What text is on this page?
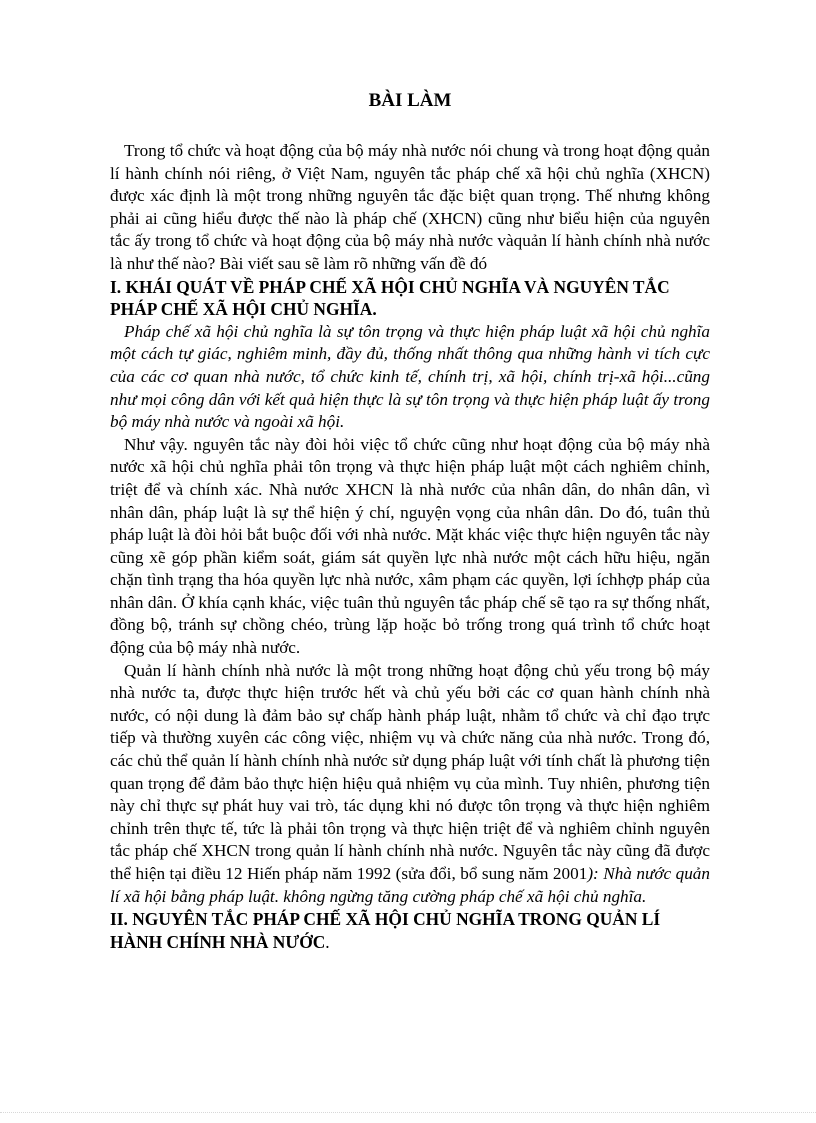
BÀI LÀM

Trong tổ chức và hoạt động của bộ máy nhà nước nói chung và trong hoạt động quản lí hành chính nói riêng, ở Việt Nam, nguyên tắc pháp chế xã hội chủ nghĩa (XHCN) được xác định là một trong những nguyên tắc đặc biệt quan trọng. Thế nhưng không phải ai cũng hiểu được thế nào là pháp chế (XHCN) cũng như biểu hiện của nguyên tắc ấy trong tổ chức và hoạt động của bộ máy nhà nước vàquản lí hành chính nhà nước là như thế nào? Bài viết sau sẽ làm rõ những vấn đề đó

I. KHÁI QUÁT VỀ PHÁP CHẾ XÃ HỘI CHỦ NGHĨA VÀ NGUYÊN TẮC PHÁP CHẾ XÃ HỘI CHỦ NGHĨA.

Pháp chế xã hội chủ nghĩa là sự tôn trọng và thực hiện pháp luật xã hội chủ nghĩa một cách tự giác, nghiêm minh, đầy đủ, thống nhất thông qua những hành vi tích cực của các cơ quan nhà nước, tổ chức kinh tế, chính trị, xã hội, chính trị-xã hội...cũng như mọi công dân với kết quả hiện thực là sự tôn trọng và thực hiện pháp luật ấy trong bộ máy nhà nước và ngoài xã hội.

Như vậy. nguyên tắc này đòi hỏi việc tổ chức cũng như hoạt động của bộ máy nhà nước xã hội chủ nghĩa phải tôn trọng và thực hiện pháp luật một cách nghiêm chỉnh, triệt để và chính xác. Nhà nước XHCN là nhà nước của nhân dân, do nhân dân, vì nhân dân, pháp luật là sự thể hiện ý chí, nguyện vọng của nhân dân. Do đó, tuân thủ pháp luật là đòi hỏi bắt buộc đối với nhà nước. Mặt khác việc thực hiện nguyên tắc này cũng xẽ góp phần kiểm soát, giám sát quyền lực nhà nước một cách hữu hiệu, ngăn chặn tình trạng tha hóa quyền lực nhà nước, xâm phạm các quyền, lợi íchhợp pháp của nhân dân. Ở khía cạnh khác, việc tuân thủ nguyên tắc pháp chế sẽ tạo ra sự thống nhất, đồng bộ, tránh sự chồng chéo, trùng lặp hoặc bỏ trống trong quá trình tổ chức hoạt động của bộ máy nhà nước.

Quản lí hành chính nhà nước là một trong những hoạt động chủ yếu trong bộ máy nhà nước ta, được thực hiện trước hết và chủ yếu bởi các cơ quan hành chính nhà nước, có nội dung là đảm bảo sự chấp hành pháp luật, nhằm tổ chức và chỉ đạo trực tiếp và thường xuyên các công việc, nhiệm vụ và chức năng của nhà nước. Trong đó, các chủ thể quản lí hành chính nhà nước sử dụng pháp luật với tính chất là phương tiện quan trọng để đảm bảo thực hiện hiệu quả nhiệm vụ của mình. Tuy nhiên, phương tiện này chỉ thực sự phát huy vai trò, tác dụng khi nó được tôn trọng và thực hiện nghiêm chỉnh trên thực tế, tức là phải tôn trọng và thực hiện triệt để và nghiêm chỉnh nguyên tắc pháp chế XHCN trong quản lí hành chính nhà nước. Nguyên tắc này cũng đã được thể hiện tại điều 12 Hiến pháp năm 1992 (sửa đổi, bổ sung năm 2001): Nhà nước quản lí xã hội bằng pháp luật. không ngừng tăng cường pháp chế xã hội chủ nghĩa.

II. NGUYÊN TẮC PHÁP CHẾ XÃ HỘI CHỦ NGHĨA TRONG QUẢN LÍ HÀNH CHÍNH NHÀ NƯỚC.
